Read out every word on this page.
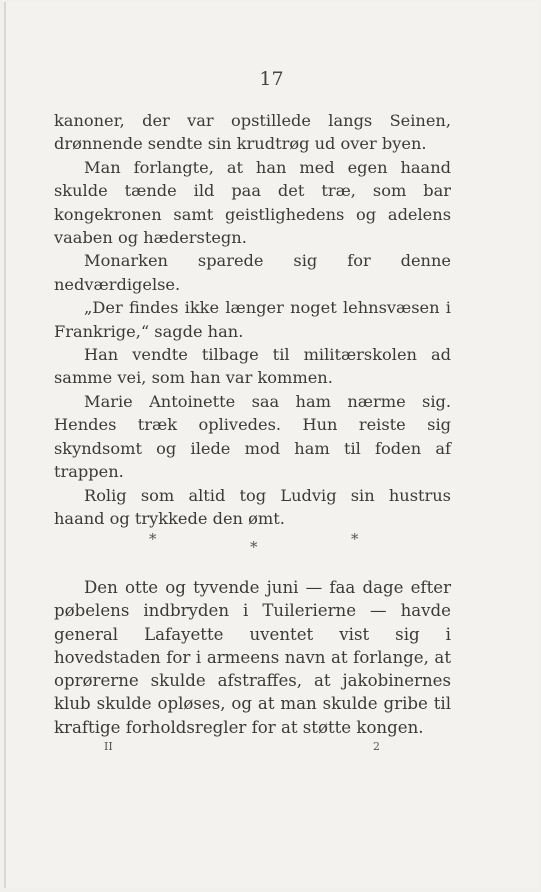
17

kanoner, der var opstillede langs Seinen, drønnende sendte sin krudtrøg ud over byen.

Man forlangte, at han med egen haand skulde tænde ild paa det træ, som bar kongekronen samt geistlighedens og adelens vaaben og hæderstegn.

Monarken sparede sig for denne nedværdigelse.

„Der findes ikke længer noget lehnsvæsen i Frankrige,“ sagde han.

Han vendte tilbage til militærskolen ad samme vei, som han var kommen.

Marie Antoinette saa ham nærme sig. Hendes træk oplivedes. Hun reiste sig skyndsomt og ilede mod ham til foden af trappen.

Rolig som altid tog Ludvig sin hustrus haand og trykkede den ømt.

*	*	*

Den otte og tyvende juni — faa dage efter pøbelens indbryden i Tuilerierne — havde general Lafayette uventet vist sig i hovedstaden for i armeens navn at forlange, at oprørerne skulde afstraffes, at jakobinernes klub skulde opløses, og at man skulde gribe til kraftige forholdsregler for at støtte kongen.

II	2
